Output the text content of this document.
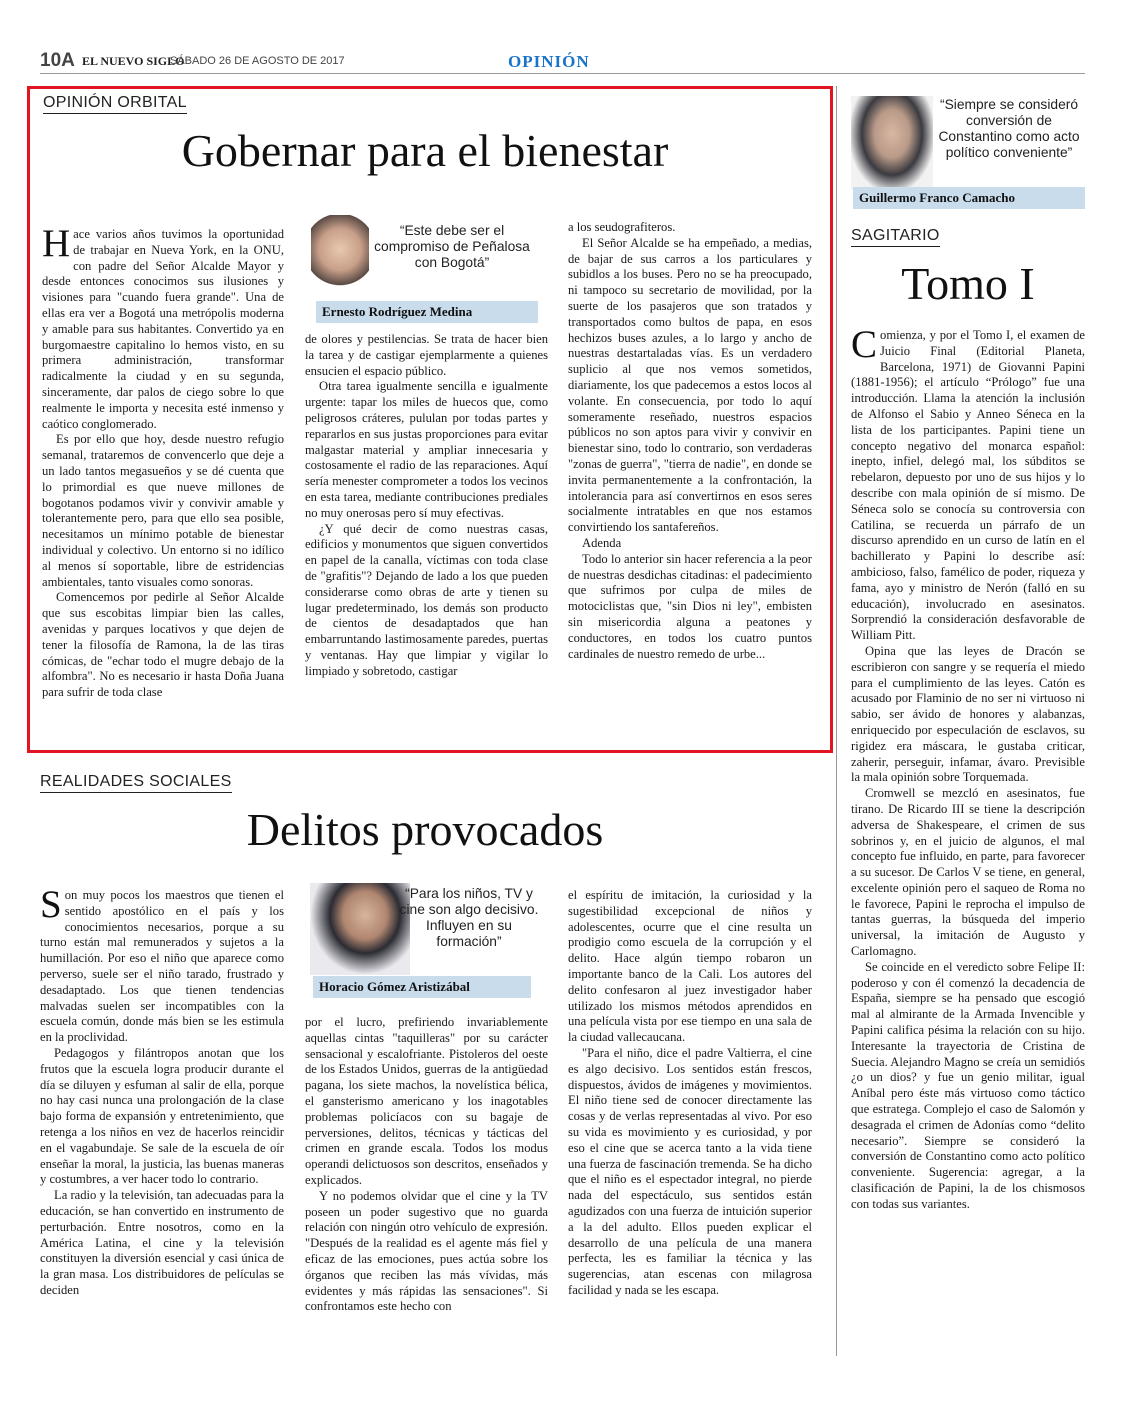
10A EL NUEVO SIGLO
SÁBADO 26 DE AGOSTO DE 2017	OPINIÓN
OPINIÓN ORBITAL
Gobernar para el bienestar

Hace varios años tuvimos la oportunidad de trabajar en Nueva York, en la ONU, con padre del Señor Alcalde Mayor y desde entonces conocimos sus ilusiones y visiones para "cuando fuera grande". Una de ellas era ver a Bogotá una metrópolis moderna y amable para sus habitantes. Convertido ya en burgomaestre capitalino lo hemos visto, en su primera administración, transformar radicalmente la ciudad y en su segunda, sinceramente, dar palos de ciego sobre lo que realmente le importa y necesita esté inmenso y caótico conglomerado.

Es por ello que hoy, desde nuestro refugio semanal, trataremos de convencerlo que deje a un lado tantos megasueños y se dé cuenta que lo primordial es que nueve millones de bogotanos podamos vivir y convivir amable y tolerantemente pero, para que ello sea posible, necesitamos un mínimo potable de bienestar individual y colectivo. Un entorno si no idílico al menos sí soportable, libre de estridencias ambientales, tanto visuales como sonoras.

Comencemos por pedirle al Señor Alcalde que sus escobitas limpiar bien las calles, avenidas y parques locativos y que dejen de tener la filosofía de Ramona, la de las tiras cómicas, de "echar todo el mugre debajo de la alfombra". No es necesario ir hasta Doña Juana para sufrir de toda clase

“Este debe ser el compromiso de Peñalosa con Bogotá”
Ernesto Rodríguez Medina

de olores y pestilencias. Se trata de hacer bien la tarea y de castigar ejemplarmente a quienes ensucien el espacio público.

Otra tarea igualmente sencilla e igualmente urgente: tapar los miles de huecos que, como peligrosos cráteres, pululan por todas partes y repararlos en sus justas proporciones para evitar malgastar material y ampliar innecesaria y costosamente el radio de las reparaciones. Aquí sería menester comprometer a todos los vecinos en esta tarea, mediante contribuciones prediales no muy onerosas pero sí muy efectivas.

¿Y qué decir de como nuestras casas, edificios y monumentos que siguen convertidos en papel de la canalla, víctimas con toda clase de "grafitis"? Dejando de lado a los que pueden considerarse como obras de arte y tienen su lugar predeterminado, los demás son producto de cientos de desadaptados que han embarruntando lastimosamente paredes, puertas y ventanas. Hay que limpiar y vigilar lo limpiado y sobretodo, castigar

a los seudografiteros.

El Señor Alcalde se ha empeñado, a medias, de bajar de sus carros a los particulares y subidlos a los buses. Pero no se ha preocupado, ni tampoco su secretario de movilidad, por la suerte de los pasajeros que son tratados y transportados como bultos de papa, en esos hechizos buses azules, a lo largo y ancho de nuestras destartaladas vías. Es un verdadero suplicio al que nos vemos sometidos, diariamente, los que padecemos a estos locos al volante. En consecuencia, por todo lo aquí someramente reseñado, nuestros espacios públicos no son aptos para vivir y convivir en bienestar sino, todo lo contrario, son verdaderas "zonas de guerra", "tierra de nadie", en donde se invita permanentemente a la confrontación, la intolerancia para así convertirnos en esos seres socialmente intratables en que nos estamos convirtiendo los santafereños.

Adenda

Todo lo anterior sin hacer referencia a la peor de nuestras desdichas citadinas: el padecimiento que sufrimos por culpa de miles de motociclistas que, "sin Dios ni ley", embisten sin misericordia alguna a peatones y conductores, en todos los cuatro puntos cardinales de nuestro remedo de urbe...

REALIDADES SOCIALES
Delitos provocados

Son muy pocos los maestros que tienen el sentido apostólico en el país y los conocimientos necesarios, porque a su turno están mal remunerados y sujetos a la humillación. Por eso el niño que aparece como perverso, suele ser el niño tarado, frustrado y desadaptado. Los que tienen tendencias malvadas suelen ser incompatibles con la escuela común, donde más bien se les estimula en la proclividad.

Pedagogos y filántropos anotan que los frutos que la escuela logra producir durante el día se diluyen y esfuman al salir de ella, porque no hay casi nunca una prolongación de la clase bajo forma de expansión y entretenimiento, que retenga a los niños en vez de hacerlos reincidir en el vagabundaje. Se sale de la escuela de oír enseñar la moral, la justicia, las buenas maneras y costumbres, a ver hacer todo lo contrario.

La radio y la televisión, tan adecuadas para la educación, se han convertido en instrumento de perturbación. Entre nosotros, como en la América Latina, el cine y la televisión constituyen la diversión esencial y casi única de la gran masa. Los distribuidores de películas se deciden

“Para los niños, TV y cine son algo decisivo. Influyen en su formación”
Horacio Gómez Aristizábal

por el lucro, prefiriendo invariablemente aquellas cintas "taquilleras" por su carácter sensacional y escalofriante. Pistoleros del oeste de los Estados Unidos, guerras de la antigüedad pagana, los siete machos, la novelística bélica, el gansterismo americano y los inagotables problemas policíacos con su bagaje de perversiones, delitos, técnicas y tácticas del crimen en grande escala. Todos los modus operandi delictuosos son descritos, enseñados y explicados.

Y no podemos olvidar que el cine y la TV poseen un poder sugestivo que no guarda relación con ningún otro vehículo de expresión. "Después de la realidad es el agente más fiel y eficaz de las emociones, pues actúa sobre los órganos que reciben las más vívidas, más evidentes y más rápidas las sensaciones". Si confrontamos este hecho con

el espíritu de imitación, la curiosidad y la sugestibilidad excepcional de niños y adolescentes, ocurre que el cine resulta un prodigio como escuela de la corrupción y el delito. Hace algún tiempo robaron un importante banco de la Cali. Los autores del delito confesaron al juez investigador haber utilizado los mismos métodos aprendidos en una película vista por ese tiempo en una sala de la ciudad vallecaucana.

"Para el niño, dice el padre Valtierra, el cine es algo decisivo. Los sentidos están frescos, dispuestos, ávidos de imágenes y movimientos. El niño tiene sed de conocer directamente las cosas y de verlas representadas al vivo. Por eso su vida es movimiento y es curiosidad, y por eso el cine que se acerca tanto a la vida tiene una fuerza de fascinación tremenda. Se ha dicho que el niño es el espectador integral, no pierde nada del espectáculo, sus sentidos están agudizados con una fuerza de intuición superior a la del adulto. Ellos pueden explicar el desarrollo de una película de una manera perfecta, les es familiar la técnica y las sugerencias, atan escenas con milagrosa facilidad y nada se les escapa.

“Siempre se consideró conversión de Constantino como acto político conveniente”
Guillermo Franco Camacho
SAGITARIO
Tomo I

Comienza, y por el Tomo I, el examen de Juicio Final (Editorial Planeta, Barcelona, 1971) de Giovanni Papini (1881-1956); el artículo “Prólogo” fue una introducción. Llama la atención la inclusión de Alfonso el Sabio y Anneo Séneca en la lista de los participantes. Papini tiene un concepto negativo del monarca español: inepto, infiel, delegó mal, los súbditos se rebelaron, depuesto por uno de sus hijos y lo describe con mala opinión de sí mismo. De Séneca solo se conocía su controversia con Catilina, se recuerda un párrafo de un discurso aprendido en un curso de latín en el bachillerato y Papini lo describe así: ambicioso, falso, famélico de poder, riqueza y fama, ayo y ministro de Nerón (falló en su educación), involucrado en asesinatos. Sorprendió la consideración desfavorable de William Pitt.

Opina que las leyes de Dracón se escribieron con sangre y se requería el miedo para el cumplimiento de las leyes. Catón es acusado por Flaminio de no ser ni virtuoso ni sabio, ser ávido de honores y alabanzas, enriquecido por especulación de esclavos, su rigidez era máscara, le gustaba criticar, zaherir, perseguir, infamar, ávaro. Previsible la mala opinión sobre Torquemada.

Cromwell se mezcló en asesinatos, fue tirano. De Ricardo III se tiene la descripción adversa de Shakespeare, el crimen de sus sobrinos y, en el juicio de algunos, el mal concepto fue influido, en parte, para favorecer a su sucesor. De Carlos V se tiene, en general, excelente opinión pero el saqueo de Roma no le favorece, Papini le reprocha el impulso de tantas guerras, la búsqueda del imperio universal, la imitación de Augusto y Carlomagno.

Se coincide en el veredicto sobre Felipe II: poderoso y con él comenzó la decadencia de España, siempre se ha pensado que escogió mal al almirante de la Armada Invencible y Papini califica pésima la relación con su hijo. Interesante la trayectoria de Cristina de Suecia. Alejandro Magno se creía un semidiós ¿o un dios? y fue un genio militar, igual Aníbal pero éste más virtuoso como táctico que estratega. Complejo el caso de Salomón y desagrada el crimen de Adonías como “delito necesario”. Siempre se consideró la conversión de Constantino como acto político conveniente. Sugerencia: agregar, a la clasificación de Papini, la de los chismosos con todas sus variantes.
